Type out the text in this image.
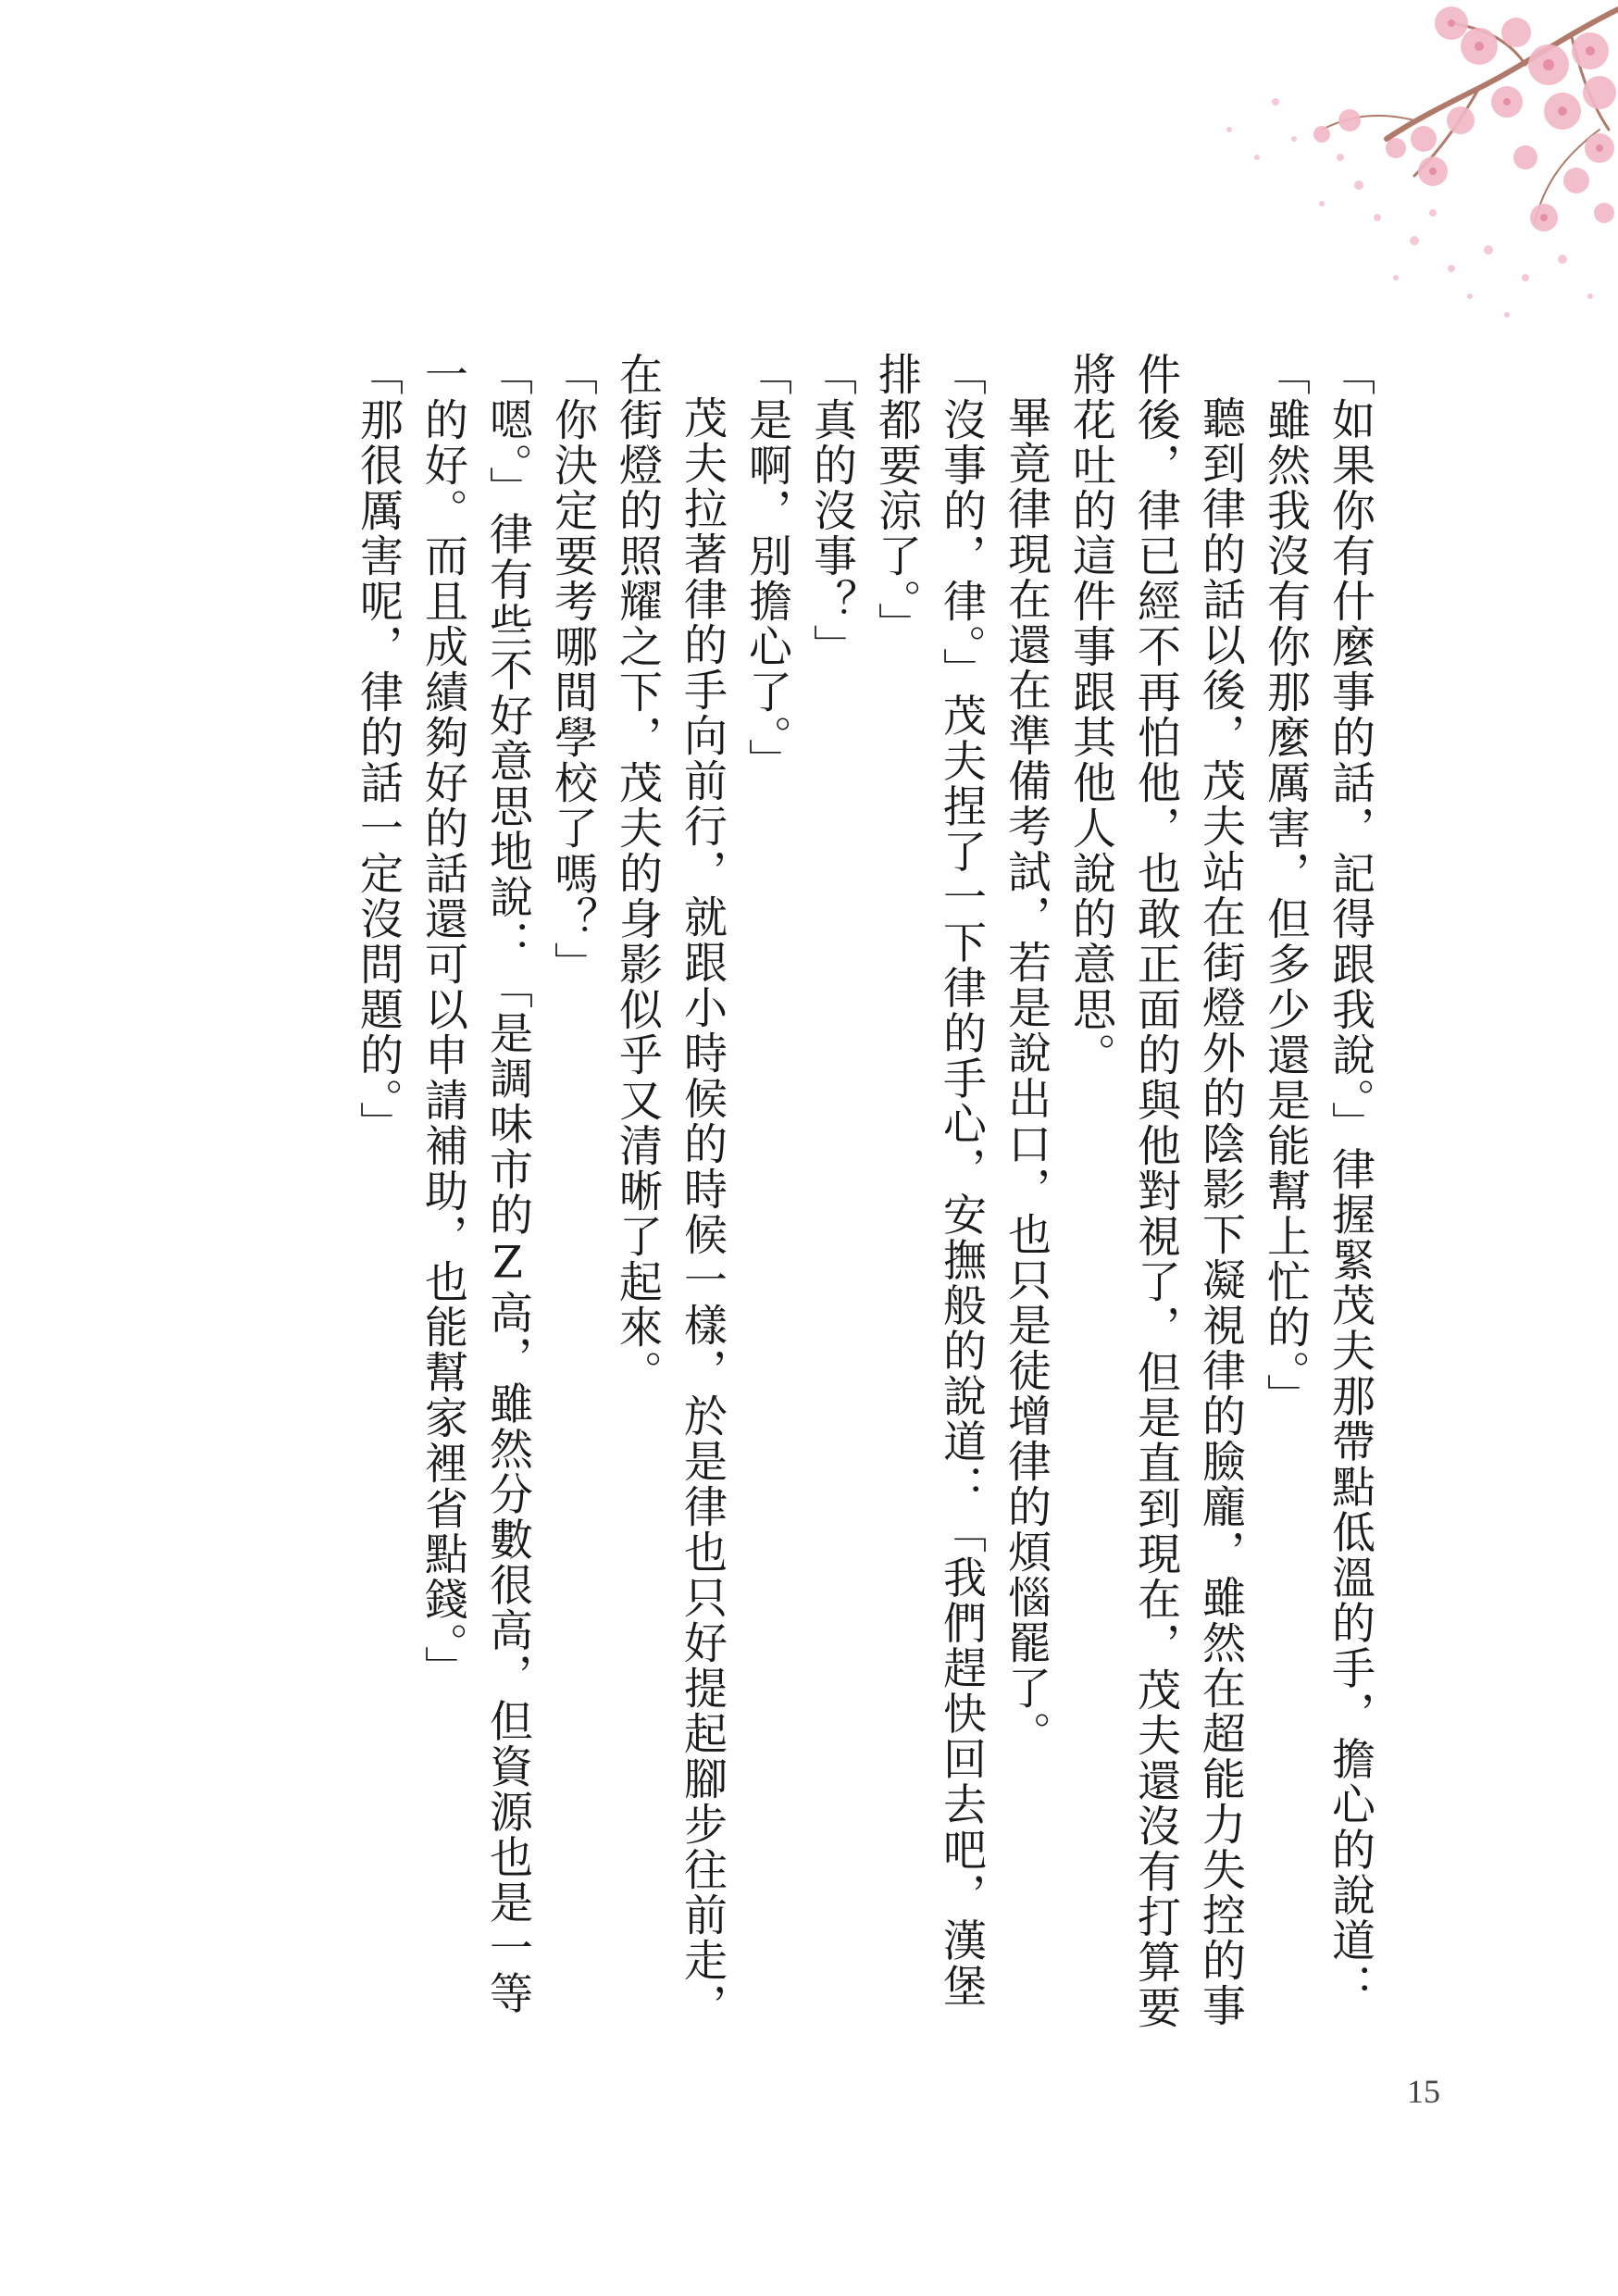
「如果你有什麼事的話，記得跟我說。」律握緊茂夫那帶點低溫的手，擔心的說道：「雖然我沒有你那麼厲害，但多少還是能幫上忙的。」

聽到律的話以後，茂夫站在街燈外的陰影下凝視律的臉龐，雖然在超能力失控的事件後，律已經不再怕他，也敢正面的與他對視了，但是直到現在，茂夫還沒有打算要將花吐的這件事跟其他人說的意思。

畢竟律現在還在準備考試，若是說出口，也只是徒增律的煩惱罷了。

「沒事的，律。」茂夫捏了一下律的手心，安撫般的說道：「我們趕快回去吧，漢堡排都要涼了。」

「真的沒事？」

「是啊，別擔心了。」

茂夫拉著律的手向前行，就跟小時候的時候一樣，於是律也只好提起腳步往前走，在街燈的照耀之下，茂夫的身影似乎又清晰了起來。

「你決定要考哪間學校了嗎？」

「嗯。」律有些不好意思地說：「是調味市的Z高，雖然分數很高，但資源也是一等一的好。而且成績夠好的話還可以申請補助，也能幫家裡省點錢。」

「那很厲害呢，律的話一定沒問題的。」

15
